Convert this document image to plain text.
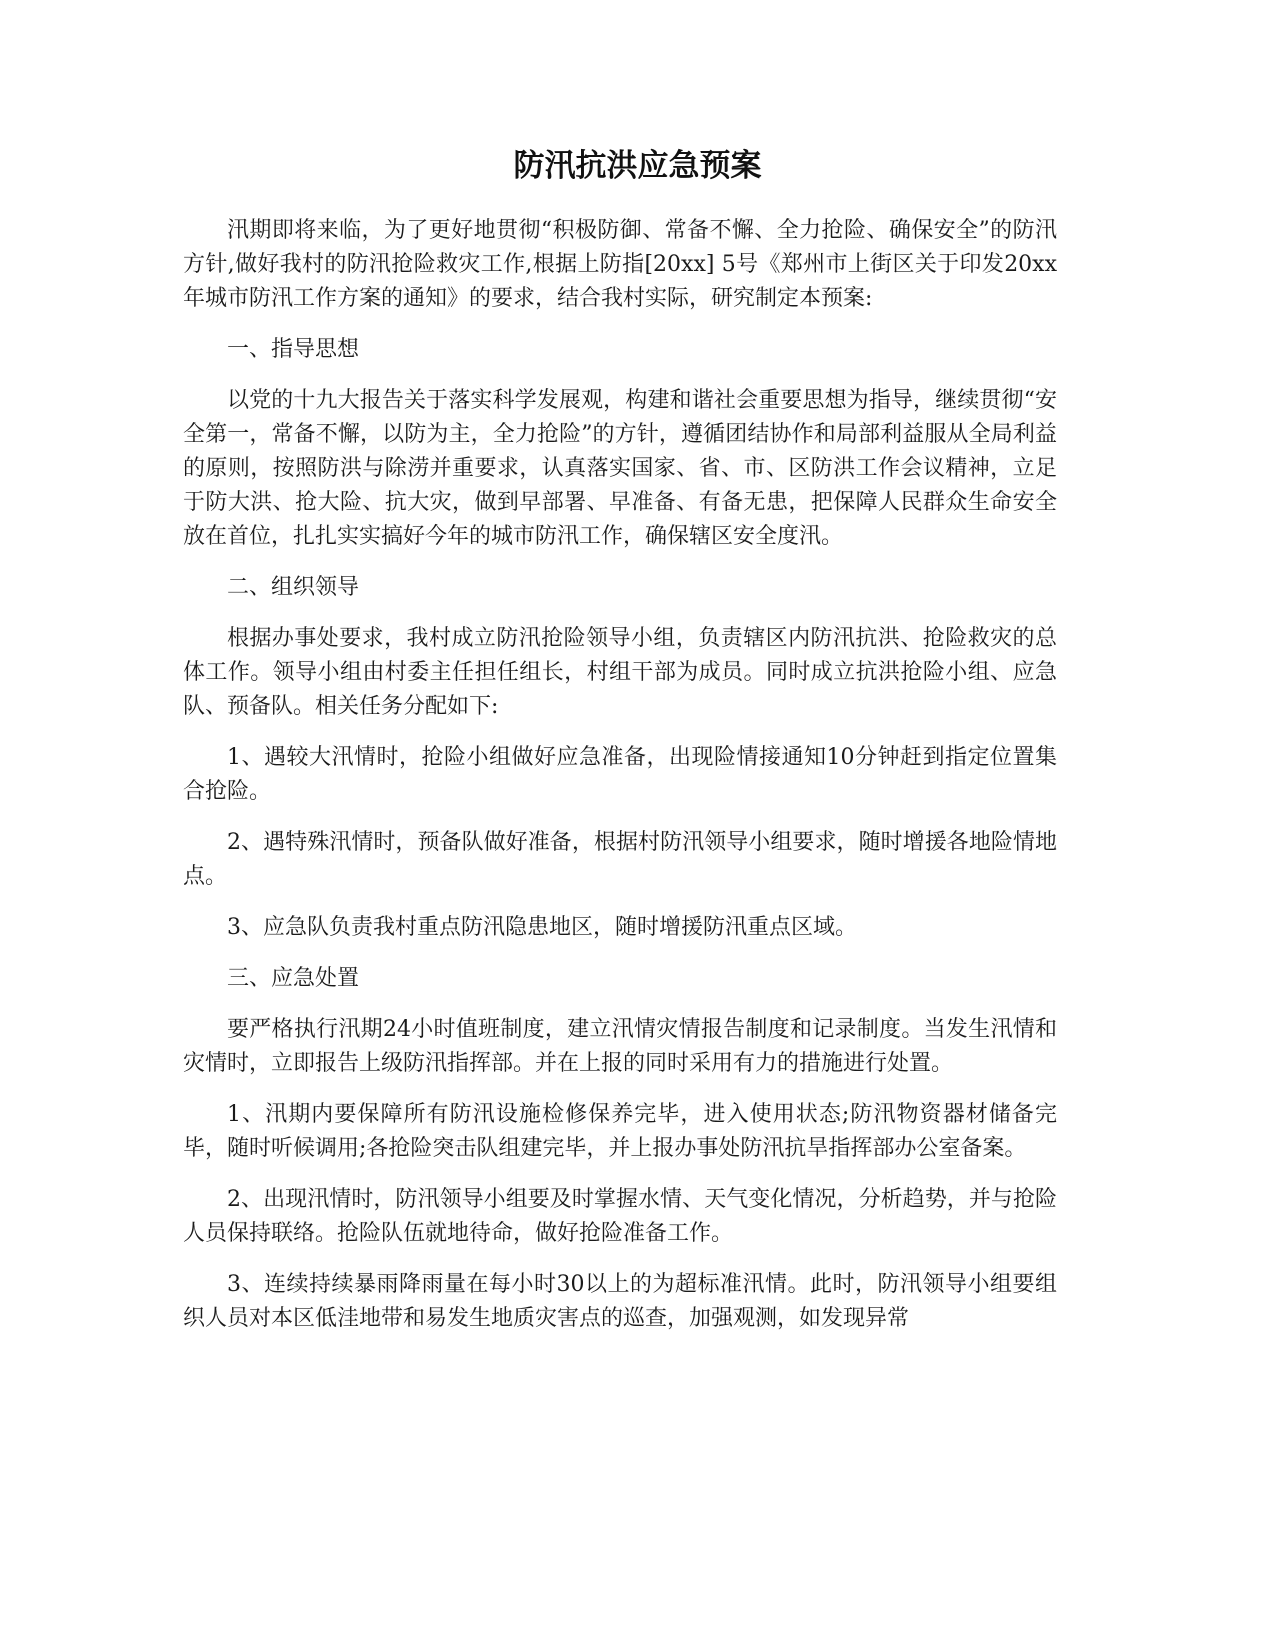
防汛抗洪应急预案

汛期即将来临，为了更好地贯彻“积极防御、常备不懈、全力抢险、确保安全”的防汛方针,做好我村的防汛抢险救灾工作,根据上防指[20xx] 5号《郑州市上街区关于印发20xx年城市防汛工作方案的通知》的要求，结合我村实际，研究制定本预案:

一、指导思想

以党的十九大报告关于落实科学发展观，构建和谐社会重要思想为指导，继续贯彻“安全第一，常备不懈，以防为主，全力抢险”的方针，遵循团结协作和局部利益服从全局利益的原则，按照防洪与除涝并重要求，认真落实国家、省、市、区防洪工作会议精神，立足于防大洪、抢大险、抗大灾，做到早部署、早准备、有备无患，把保障人民群众生命安全放在首位，扎扎实实搞好今年的城市防汛工作，确保辖区安全度汛。

二、组织领导

根据办事处要求，我村成立防汛抢险领导小组，负责辖区内防汛抗洪、抢险救灾的总体工作。领导小组由村委主任担任组长，村组干部为成员。同时成立抗洪抢险小组、应急队、预备队。相关任务分配如下:

1、遇较大汛情时，抢险小组做好应急准备，出现险情接通知10分钟赶到指定位置集合抢险。

2、遇特殊汛情时，预备队做好准备，根据村防汛领导小组要求，随时增援各地险情地点。

3、应急队负责我村重点防汛隐患地区，随时增援防汛重点区域。

三、应急处置

要严格执行汛期24小时值班制度，建立汛情灾情报告制度和记录制度。当发生汛情和灾情时，立即报告上级防汛指挥部。并在上报的同时采用有力的措施进行处置。

1、汛期内要保障所有防汛设施检修保养完毕，进入使用状态;防汛物资器材储备完毕，随时听候调用;各抢险突击队组建完毕，并上报办事处防汛抗旱指挥部办公室备案。

2、出现汛情时，防汛领导小组要及时掌握水情、天气变化情况，分析趋势，并与抢险人员保持联络。抢险队伍就地待命，做好抢险准备工作。

3、连续持续暴雨降雨量在每小时30以上的为超标准汛情。此时，防汛领导小组要组织人员对本区低洼地带和易发生地质灾害点的巡查，加强观测，如发现异常
